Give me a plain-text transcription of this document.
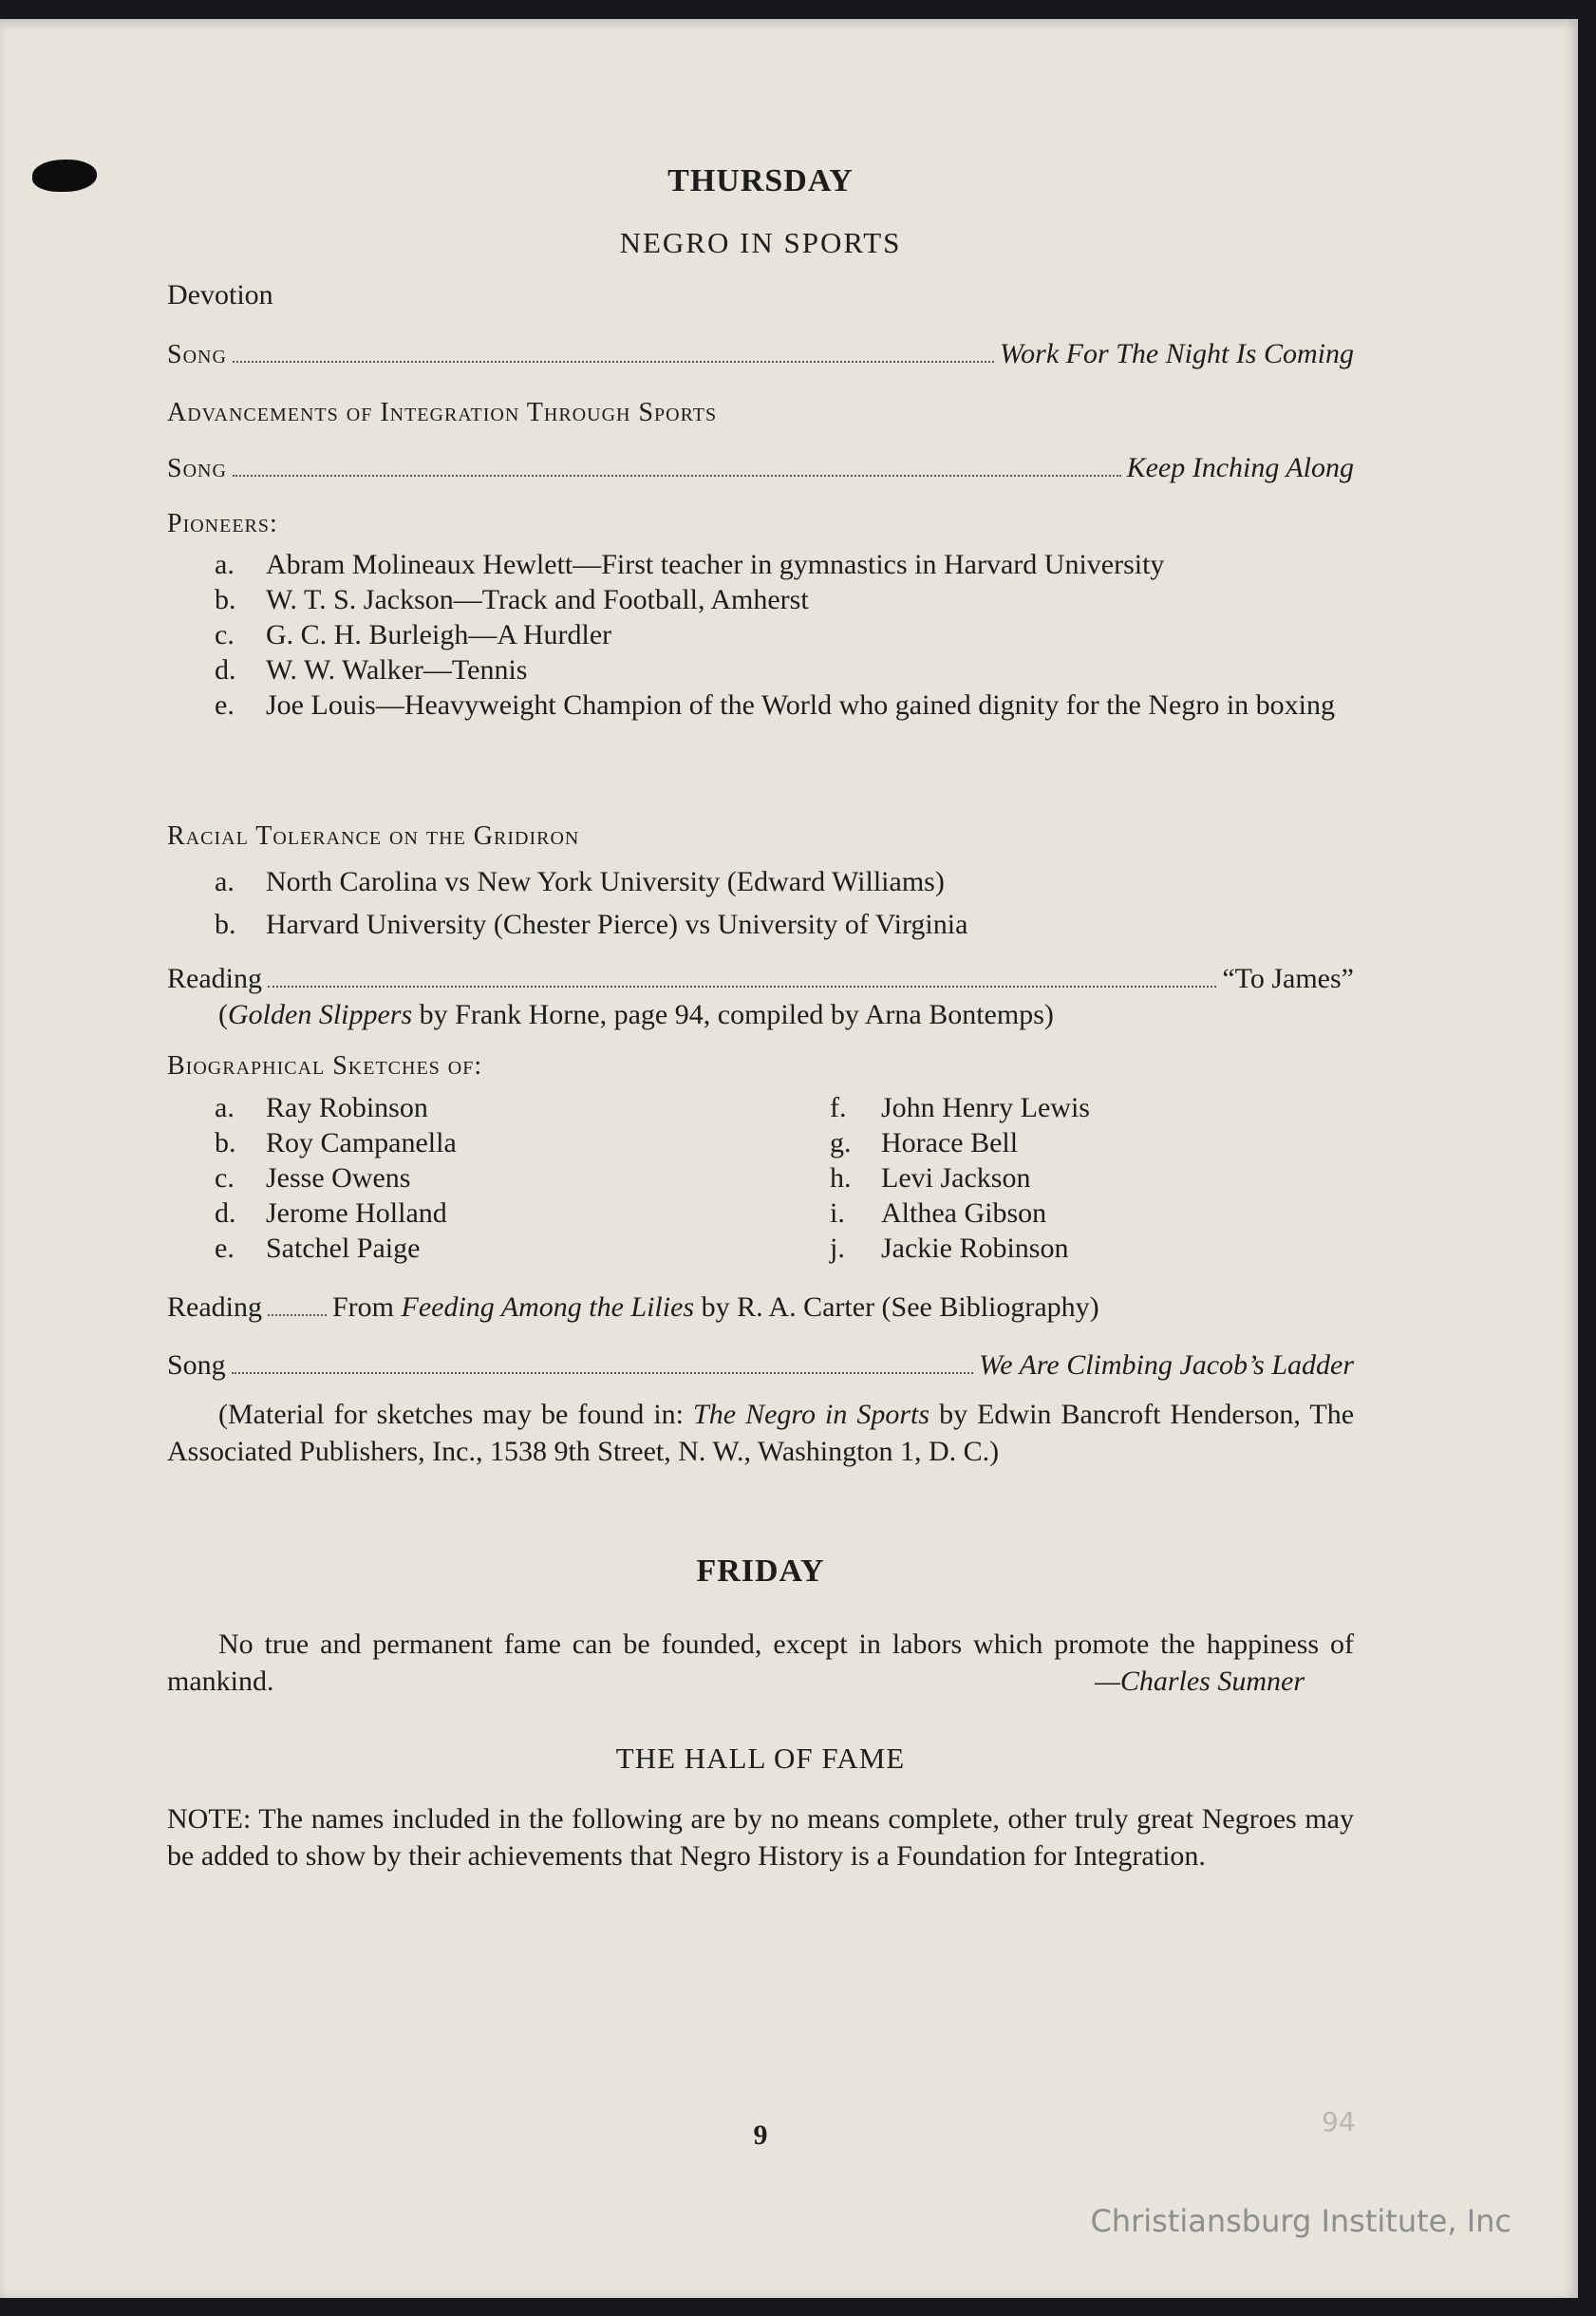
THURSDAY
NEGRO IN SPORTS
Devotion
Song	Work For The Night Is Coming
Advancements of Integration Through Sports
Song	Keep Inching Along
Pioneers:
a.	Abram Molineaux Hewlett—First teacher in gymnastics in Harvard University
b.	W. T. S. Jackson—Track and Football, Amherst
c.	G. C. H. Burleigh—A Hurdler
d.	W. W. Walker—Tennis
e.	Joe Louis—Heavyweight Champion of the World who gained dignity for the Negro in boxing
Racial Tolerance on the Gridiron
a.	North Carolina vs New York University (Edward Williams)
b.	Harvard University (Chester Pierce) vs University of Virginia
Reading	“To James”
(Golden Slippers by Frank Horne, page 94, compiled by Arna Bontemps)
Biographical Sketches of:
a.	Ray Robinson
b.	Roy Campanella
c.	Jesse Owens
d.	Jerome Holland
e.	Satchel Paige
f.	John Henry Lewis
g.	Horace Bell
h.	Levi Jackson
i.	Althea Gibson
j.	Jackie Robinson
Reading From Feeding Among the Lilies by R. A. Carter (See Bibliography)
Song	We Are Climbing Jacob’s Ladder
(Material for sketches may be found in: The Negro in Sports by Edwin Bancroft Henderson, The Associated Publishers, Inc., 1538 9th Street, N. W., Washington 1, D. C.)
FRIDAY
No true and permanent fame can be founded, except in labors which promote the happiness of mankind.	—Charles Sumner
THE HALL OF FAME
NOTE: The names included in the following are by no means complete, other truly great Negroes may be added to show by their achievements that Negro History is a Foundation for Integration.
9	94
Christiansburg Institute, Inc
